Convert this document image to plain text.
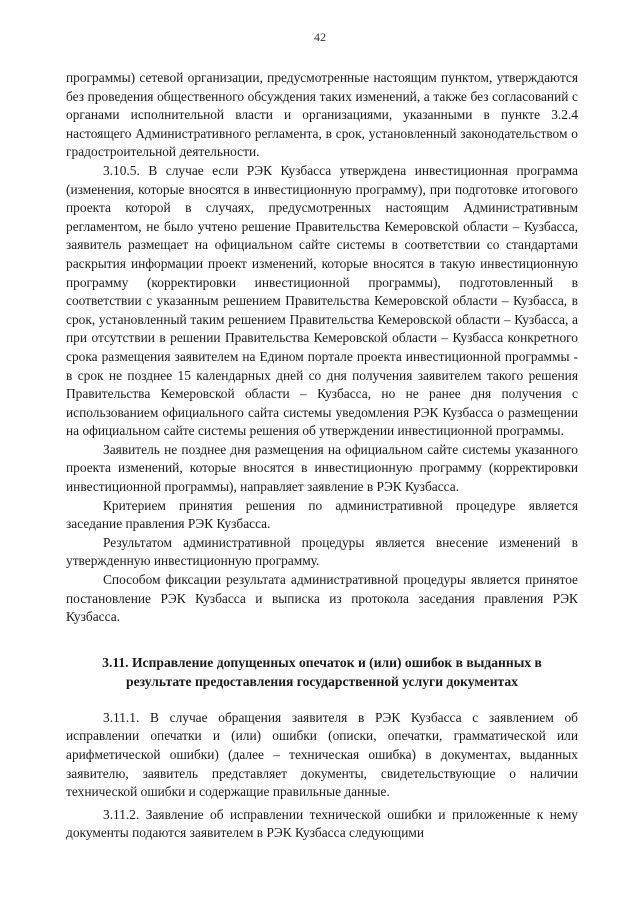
42

программы) сетевой организации, предусмотренные настоящим пунктом, утверждаются без проведения общественного обсуждения таких изменений, а также без согласований с органами исполнительной власти и организациями, указанными в пункте 3.2.4 настоящего Административного регламента, в срок, установленный законодательством о градостроительной деятельности.

3.10.5. В случае если РЭК Кузбасса утверждена инвестиционная программа (изменения, которые вносятся в инвестиционную программу), при подготовке итогового проекта которой в случаях, предусмотренных настоящим Административным регламентом, не было учтено решение Правительства Кемеровской области – Кузбасса, заявитель размещает на официальном сайте системы в соответствии со стандартами раскрытия информации проект изменений, которые вносятся в такую инвестиционную программу (корректировки инвестиционной программы), подготовленный в соответствии с указанным решением Правительства Кемеровской области – Кузбасса, в срок, установленный таким решением Правительства Кемеровской области – Кузбасса, а при отсутствии в решении Правительства Кемеровской области – Кузбасса конкретного срока размещения заявителем на Едином портале проекта инвестиционной программы - в срок не позднее 15 календарных дней со дня получения заявителем такого решения Правительства Кемеровской области – Кузбасса, но не ранее дня получения с использованием официального сайта системы уведомления РЭК Кузбасса о размещении на официальном сайте системы решения об утверждении инвестиционной программы.

Заявитель не позднее дня размещения на официальном сайте системы указанного проекта изменений, которые вносятся в инвестиционную программу (корректировки инвестиционной программы), направляет заявление в РЭК Кузбасса.

Критерием принятия решения по административной процедуре является заседание правления РЭК Кузбасса.

Результатом административной процедуры является внесение изменений в утвержденную инвестиционную программу.

Способом фиксации результата административной процедуры является принятое постановление РЭК Кузбасса и выписка из протокола заседания правления РЭК Кузбасса.

3.11. Исправление допущенных опечаток и (или) ошибок в выданных в результате предоставления государственной услуги документах

3.11.1. В случае обращения заявителя в РЭК Кузбасса с заявлением об исправлении опечатки и (или) ошибки (описки, опечатки, грамматической или арифметической ошибки) (далее – техническая ошибка) в документах, выданных заявителю, заявитель представляет документы, свидетельствующие о наличии технической ошибки и содержащие правильные данные.

3.11.2. Заявление об исправлении технической ошибки и приложенные к нему документы подаются заявителем в РЭК Кузбасса следующими
